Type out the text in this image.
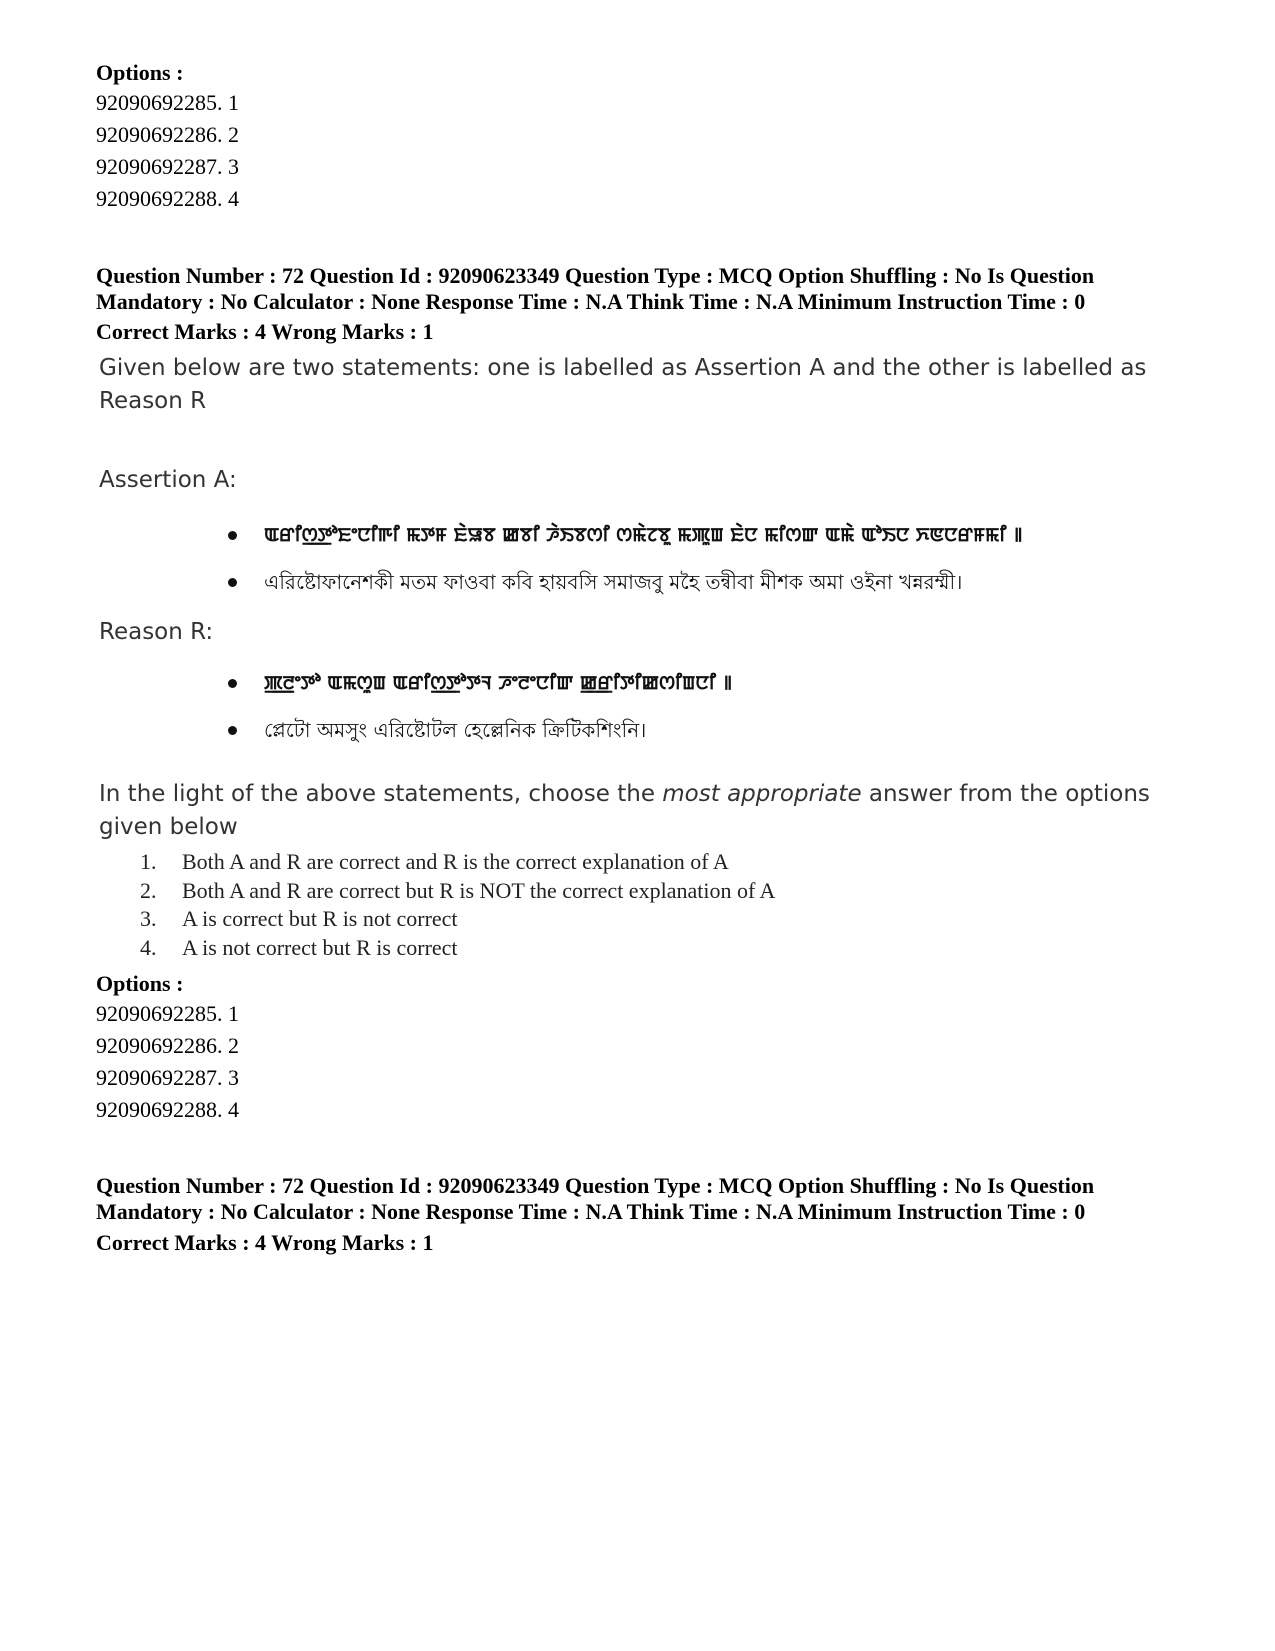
Options :

92090692285. 1
92090692286. 2
92090692287. 3
92090692288. 4

Question Number : 72 Question Id : 92090623349 Question Type : MCQ Option Shuffling : No Is Question

Mandatory : No Calculator : None Response Time : N.A Think Time : N.A Minimum Instruction Time : 0

Correct Marks : 4 Wrong Marks : 1

Given below are two statements: one is labelled as Assertion A and the other is labelled as Reason R

Assertion A:

ꯑꯔꯤꯁ꯭ꯇꯣꯐꯦꯅꯤꯒꯤ ꯃꯇꯝ ꯐꯥꯎꯕ ꯀꯕꯤ ꯍꯥꯏꯕꯁꯤ ꯁꯃꯥꯖꯕꯨ ꯃꯄꯨꯡ ꯐꯥꯅ ꯃꯤꯁꯛ ꯑꯃꯥ ꯑꯣꯏꯅ ꯈꯟꯅꯔꯝꯃꯤ ꯫
এরিষ্টোফানেশকী মতম ফাওবা কবি হায়বসি সমাজবু মহৈ তন্বীবা মীশক অমা ওইনা খন্নরম্মী।

Reason R:

ꯄ꯭ꯂꯦꯇꯣ ꯑꯃꯁꯨꯡ ꯑꯔꯤꯁ꯭ꯇꯣꯇꯜ ꯍꯦꯂꯦꯅꯤꯛ ꯀ꯭ꯔꯤꯇꯤꯀꯁꯤꯡꯅꯤ ꯫
প্লেটো অমসুং এরিষ্টোটল হেল্লেনিক ক্রিটিকশিংনি।

In the light of the above statements, choose the most appropriate answer from the options given below

1.	Both A and R are correct and R is the correct explanation of A
2.	Both A and R are correct but R is NOT the correct explanation of A
3.	A is correct but R is not correct
4.	A is not correct but R is correct

Options :

92090692285. 1
92090692286. 2
92090692287. 3
92090692288. 4

Question Number : 72 Question Id : 92090623349 Question Type : MCQ Option Shuffling : No Is Question

Mandatory : No Calculator : None Response Time : N.A Think Time : N.A Minimum Instruction Time : 0

Correct Marks : 4 Wrong Marks : 1
